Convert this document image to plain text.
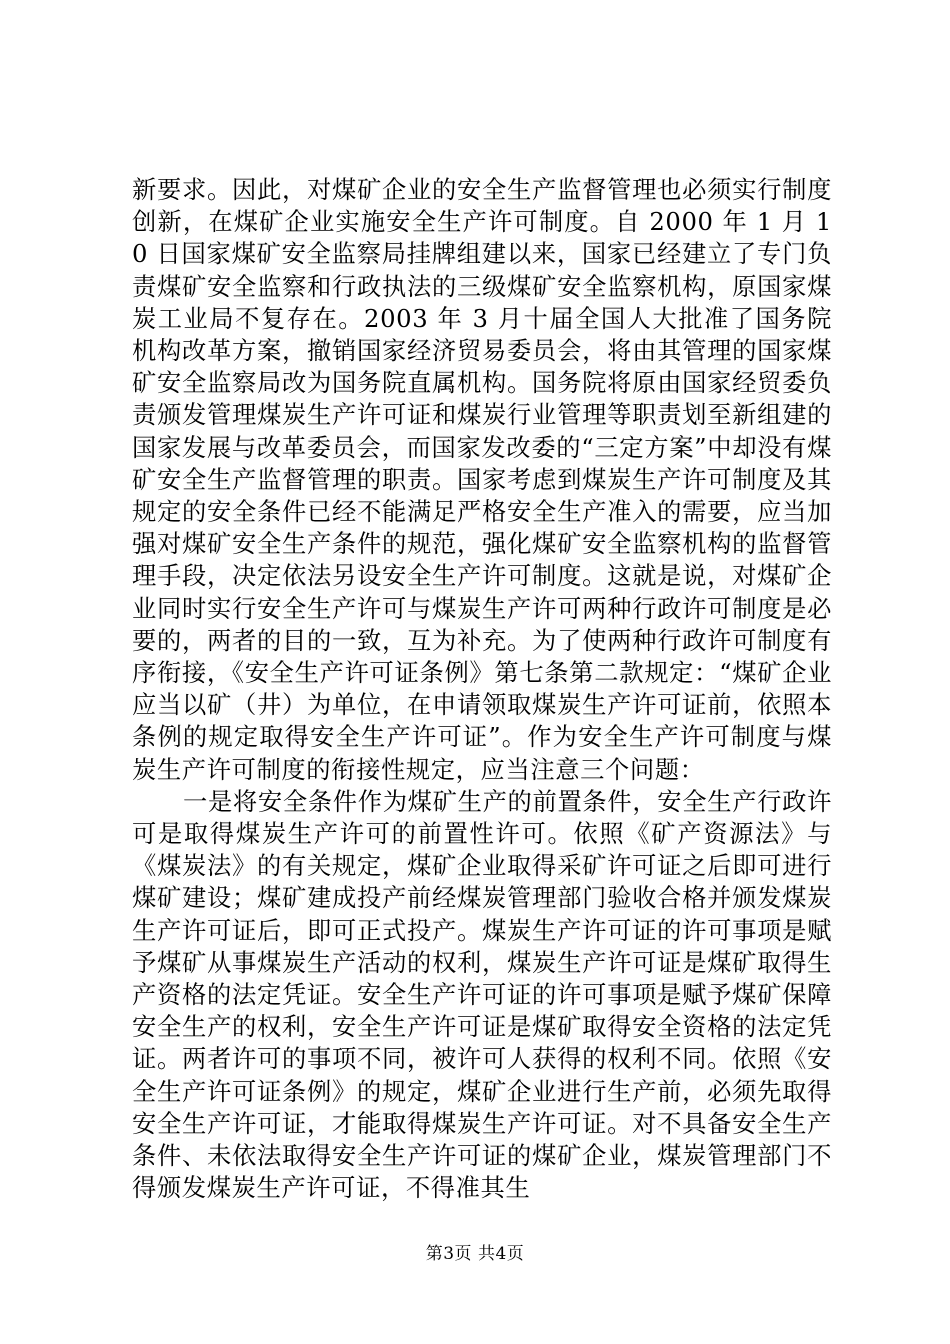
新要求。因此，对煤矿企业的安全生产监督管理也必须实行制度创新，在煤矿企业实施安全生产许可制度。自 2000 年 1 月 10 日国家煤矿安全监察局挂牌组建以来，国家已经建立了专门负责煤矿安全监察和行政执法的三级煤矿安全监察机构，原国家煤炭工业局不复存在。2003 年 3 月十届全国人大批准了国务院机构改革方案，撤销国家经济贸易委员会，将由其管理的国家煤矿安全监察局改为国务院直属机构。国务院将原由国家经贸委负责颁发管理煤炭生产许可证和煤炭行业管理等职责划至新组建的国家发展与改革委员会，而国家发改委的“三定方案”中却没有煤矿安全生产监督管理的职责。国家考虑到煤炭生产许可制度及其规定的安全条件已经不能满足严格安全生产准入的需要，应当加强对煤矿安全生产条件的规范，强化煤矿安全监察机构的监督管理手段，决定依法另设安全生产许可制度。这就是说，对煤矿企业同时实行安全生产许可与煤炭生产许可两种行政许可制度是必要的，两者的目的一致，互为补充。为了使两种行政许可制度有序衔接，《安全生产许可证条例》第七条第二款规定：“煤矿企业应当以矿（井）为单位，在申请领取煤炭生产许可证前，依照本条例的规定取得安全生产许可证”。作为安全生产许可制度与煤炭生产许可制度的衔接性规定，应当注意三个问题：

一是将安全条件作为煤矿生产的前置条件，安全生产行政许可是取得煤炭生产许可的前置性许可。依照《矿产资源法》与《煤炭法》的有关规定，煤矿企业取得采矿许可证之后即可进行煤矿建设；煤矿建成投产前经煤炭管理部门验收合格并颁发煤炭生产许可证后，即可正式投产。煤炭生产许可证的许可事项是赋予煤矿从事煤炭生产活动的权利，煤炭生产许可证是煤矿取得生产资格的法定凭证。安全生产许可证的许可事项是赋予煤矿保障安全生产的权利，安全生产许可证是煤矿取得安全资格的法定凭证。两者许可的事项不同，被许可人获得的权利不同。依照《安全生产许可证条例》的规定，煤矿企业进行生产前，必须先取得安全生产许可证，才能取得煤炭生产许可证。对不具备安全生产条件、未依法取得安全生产许可证的煤矿企业，煤炭管理部门不得颁发煤炭生产许可证，不得准其生

第3页 共4页
